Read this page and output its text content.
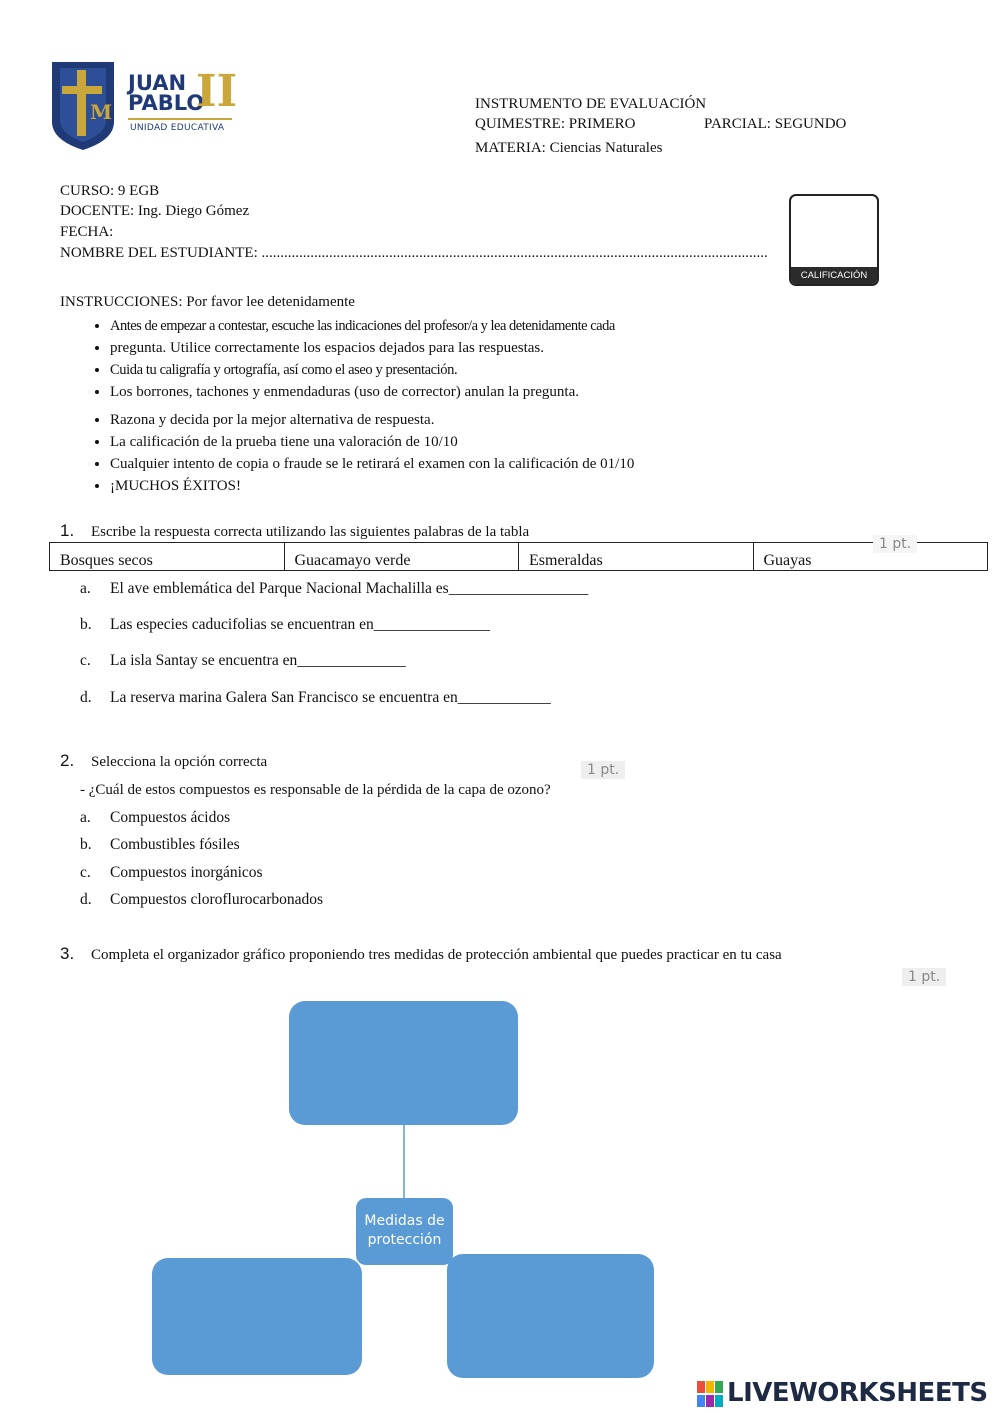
M
JUAN
PABLO
II
UNIDAD EDUCATIVA
INSTRUMENTO DE EVALUACIÓN
QUIMESTRE: PRIMERO	PARCIAL: SEGUNDO
MATERIA: Ciencias Naturales
CURSO: 9 EGB
DOCENTE: Ing. Diego Gómez
FECHA:
NOMBRE DEL ESTUDIANTE: .......................................................................................................................................
CALIFICACIÓN
INSTRUCCIONES: Por favor lee detenidamente
• Antes de empezar a contestar, escuche las indicaciones del profesor/a y lea detenidamente cada
• pregunta. Utilice correctamente los espacios dejados para las respuestas.
• Cuida tu caligrafía y ortografía, así como el aseo y presentación.
• Los borrones, tachones y enmendaduras (uso de corrector) anulan la pregunta.
• Razona y decida por la mejor alternativa de respuesta.
• La calificación de la prueba tiene una valoración de 10/10
• Cualquier intento de copia o fraude se le retirará el examen con la calificación de 01/10
• ¡MUCHOS ÉXITOS!
1. Escribe la respuesta correcta utilizando las siguientes palabras de la tabla
Bosques secos	Guacamayo verde	Esmeraldas	Guayas
1 pt.
a. El ave emblemática del Parque Nacional Machalilla es__________________
b. Las especies caducifolias se encuentran en_______________
c. La isla Santay se encuentra en______________
d. La reserva marina Galera San Francisco se encuentra en____________
2. Selecciona la opción correcta	1 pt.
- ¿Cuál de estos compuestos es responsable de la pérdida de la capa de ozono?
a. Compuestos ácidos
b. Combustibles fósiles
c. Compuestos inorgánicos
d. Compuestos cloroflurocarbonados
3. Completa el organizador gráfico proponiendo tres medidas de protección ambiental que puedes practicar en tu casa
1 pt.
Medidas de
protección
LIVEWORKSHEETS
